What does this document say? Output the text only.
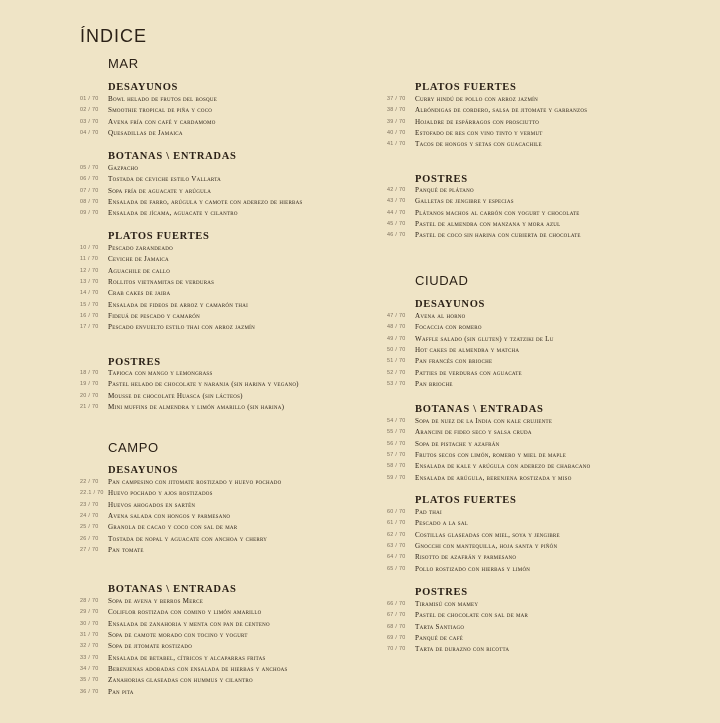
ÍNDICE
MAR
DESAYUNOS
01 / 70	Bowl helado de frutos del bosque
02 / 70	Smoothie tropical de piña y coco
03 / 70	Avena fría con café y cardamomo
04 / 70	Quesadillas de Jamaica
BOTANAS \ ENTRADAS
05 / 70	Gazpacho
06 / 70	Tostada de ceviche estilo Vallarta
07 / 70	Sopa fría de aguacate y arúgula
08 / 70	Ensalada de farro, arúgula y camote con aderezo de hierbas
09 / 70	Ensalada de jícama, aguacate y cilantro
PLATOS FUERTES
10 / 70	Pescado zarandeado
11 / 70	Ceviche de Jamaica
12 / 70	Aguachile de callo
13 / 70	Rollitos vietnamitas de verduras
14 / 70	Crab cakes de jaiba
15 / 70	Ensalada de fideos de arroz y camarón thai
16 / 70	Fideuá de pescado y camarón
17 / 70	Pescado envuelto estilo thai con arroz jazmín
POSTRES
18 / 70	Tapioca con mango y lemongrass
19 / 70	Pastel helado de chocolate y naranja (sin harina y vegano)
20 / 70	Mousse de chocolate Huasca (sin lácteos)
21 / 70	Mini muffins de almendra y limón amarillo (sin harina)
CAMPO
DESAYUNOS
22 / 70	Pan campesino con jitomate rostizado y huevo pochado
22.1 / 70 Huevo pochado y ajos rostizados
23 / 70	Huevos ahogados en sartén
24 / 70	Avena salada con hongos y parmesano
25 / 70	Granola de cacao y coco con sal de mar
26 / 70	Tostada de nopal y aguacate con anchoa y cherry
27 / 70	Pan tomate
BOTANAS \ ENTRADAS
28 / 70	Sopa de avena y berros Merce
29 / 70	Coliflor rostizada con comino y limón amarillo
30 / 70	Ensalada de zanahoria y menta con pan de centeno
31 / 70	Sopa de camote morado con tocino y yogurt
32 / 70	Sopa de jitomate rostizado
33 / 70	Ensalada de betabel, cítricos y alcaparras fritas
34 / 70	Berenjenas adobadas con ensalada de hierbas y anchoas
35 / 70	Zanahorias glaseadas con hummus y cilantro
36 / 70	Pan pita
PLATOS FUERTES
37 / 70	Curry hindú de pollo con arroz jazmín
38 / 70	Albóndigas de cordero, salsa de jitomate y garbanzos
39 / 70	Hojaldre de espárragos con prosciutto
40 / 70	Estofado de res con vino tinto y vermut
41 / 70	Tacos de hongos y setas con guacachile
POSTRES
42 / 70	Panqué de plátano
43 / 70	Galletas de jengibre y especias
44 / 70	Plátanos machos al carbón con yogurt y chocolate
45 / 70	Pastel de almendra con manzana y mora azul
46 / 70	Pastel de coco sin harina con cubierta de chocolate
CIUDAD
DESAYUNOS
47 / 70	Avena al horno
48 / 70	Focaccia con romero
49 / 70	Waffle salado (sin gluten) y tzatziki de Lu
50 / 70	Hot cakes de almendra y matcha
51 / 70	Pan francés con brioche
52 / 70	Patties de verduras con aguacate
53 / 70	Pan brioche
BOTANAS \ ENTRADAS
54 / 70	Sopa de nuez de la India con kale crujiente
55 / 70	Arancini de fideo seco y salsa cruda
56 / 70	Sopa de pistache y azafrán
57 / 70	Frutos secos con limón, romero y miel de maple
58 / 70	Ensalada de kale y arúgula con aderezo de chabacano
59 / 70	Ensalada de arúgula, berenjena rostizada y miso
PLATOS FUERTES
60 / 70	Pad thai
61 / 70	Pescado a la sal
62 / 70	Costillas glaseadas con miel, soya y jengibre
63 / 70	Gnocchi con mantequilla, hoja santa y piñón
64 / 70	Risotto de azafrán y parmesano
65 / 70	Pollo rostizado con hierbas y limón
POSTRES
66 / 70	Tiramisú con mamey
67 / 70	Pastel de chocolate con sal de mar
68 / 70	Tarta Santiago
69 / 70	Panqué de café
70 / 70	Tarta de durazno con ricotta
